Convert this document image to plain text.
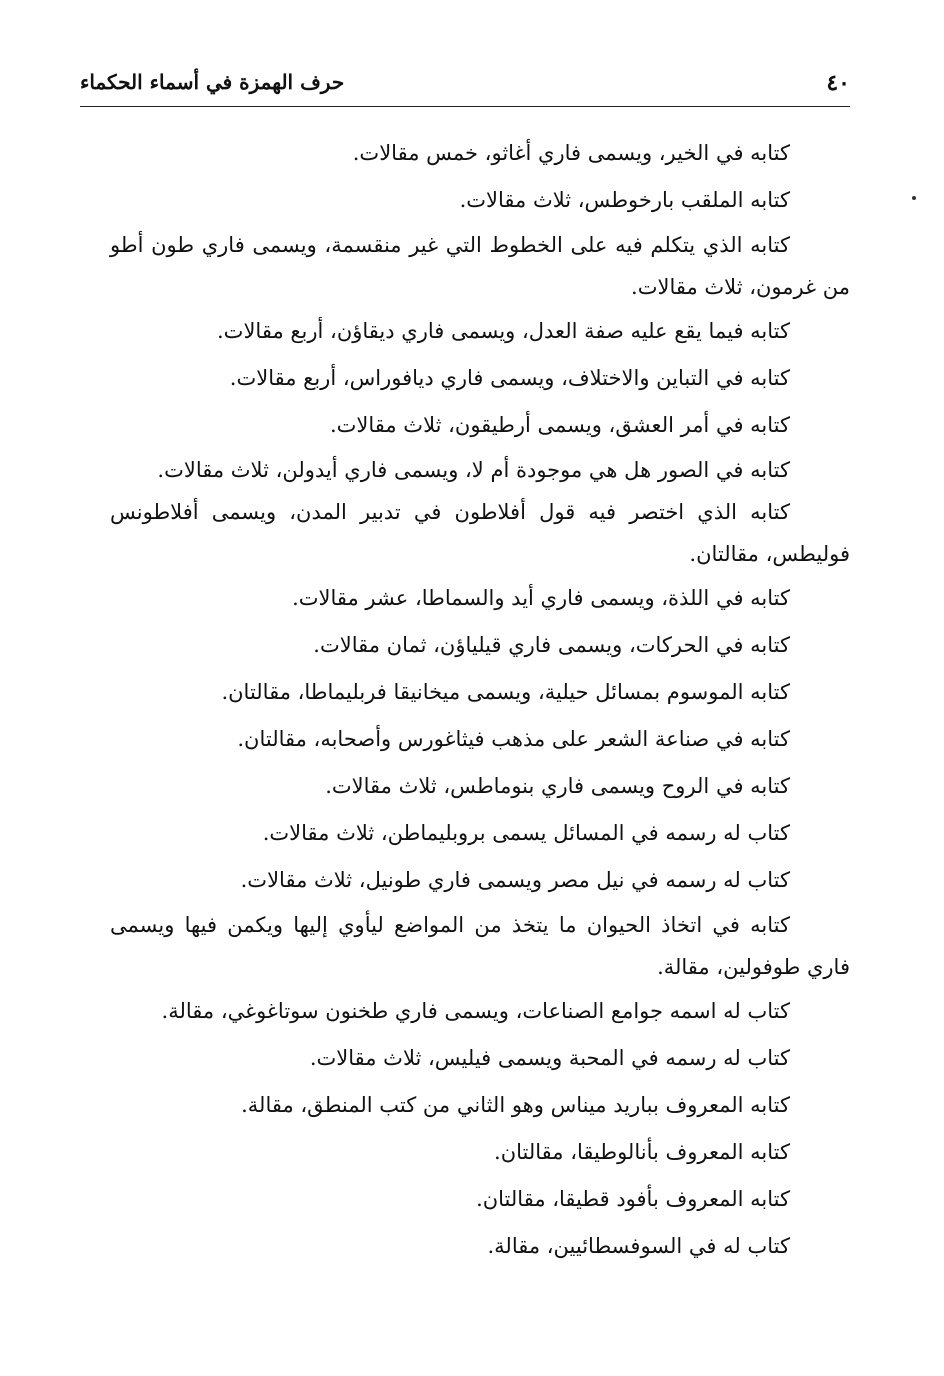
٤٠
حرف الهمزة في أسماء الحكماء

كتابه في الخير، ويسمى فاري أغاثو، خمس مقالات.

كتابه الملقب بارخوطس، ثلاث مقالات.

كتابه الذي يتكلم فيه على الخطوط التي غير منقسمة، ويسمى فاري طون أطو من غرمون، ثلاث مقالات.

كتابه فيما يقع عليه صفة العدل، ويسمى فاري ديقاؤن، أربع مقالات.

كتابه في التباين والاختلاف، ويسمى فاري ديافوراس، أربع مقالات.

كتابه في أمر العشق، ويسمى أرطيقون، ثلاث مقالات.

كتابه في الصور هل هي موجودة أم لا، ويسمى فاري أيدولن، ثلاث مقالات.

كتابه الذي اختصر فيه قول أفلاطون في تدبير المدن، ويسمى أفلاطونس فوليطس، مقالتان.

كتابه في اللذة، ويسمى فاري أيد والسماطا، عشر مقالات.

كتابه في الحركات، ويسمى فاري قيلياؤن، ثمان مقالات.

كتابه الموسوم بمسائل حيلية، ويسمى ميخانيقا فربليماطا، مقالتان.

كتابه في صناعة الشعر على مذهب فيثاغورس وأصحابه، مقالتان.

كتابه في الروح ويسمى فاري بنوماطس، ثلاث مقالات.

كتاب له رسمه في المسائل يسمى بروبليماطن، ثلاث مقالات.

كتاب له رسمه في نيل مصر ويسمى فاري طونيل، ثلاث مقالات.

كتابه في اتخاذ الحيوان ما يتخذ من المواضع ليأوي إليها ويكمن فيها ويسمى فاري طوفولين، مقالة.

كتاب له اسمه جوامع الصناعات، ويسمى فاري طخنون سوتاغوغي، مقالة.

كتاب له رسمه في المحبة ويسمى فيليس، ثلاث مقالات.

كتابه المعروف بباريد ميناس وهو الثاني من كتب المنطق، مقالة.

كتابه المعروف بأنالوطيقا، مقالتان.

كتابه المعروف بأفود قطيقا، مقالتان.

كتاب له في السوفسطائيين، مقالة.
